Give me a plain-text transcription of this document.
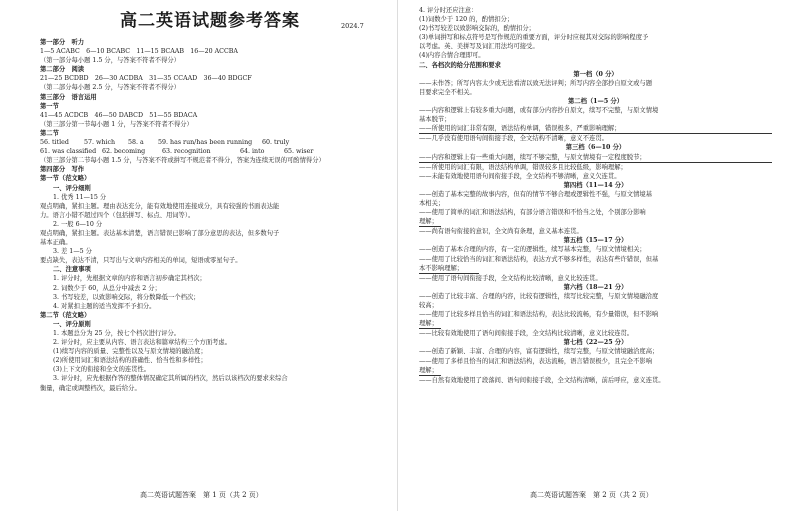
高二英语试题参考答案	2024.7
第一部分　听力
1—5 ACABC　6—10 BCABC　11—15 BCAAB　16—20 ACCBA
（第一部分每小题 1.5 分，与答案不符者不得分）
第二部分　阅读
21—25 BCDBD　26—30 ACDBA　31—35 CCAAD　36—40 BDGCF
（第二部分每小题 2.5 分，与答案不符者不得分）
第三部分　语言运用
第一节
41—45 ACDCB　46—50 DABCD　51—55 BDACA
（第三部分第一节每小题 1 分，与答案不符者不得分）
第二节
56. titled	57. which	58. a	59. has run/has been running	60. truly
61. was classified 62. becoming	63. recognition	64. into	65. wiser
（第三部分第二节每小题 1.5 分，与答案不符或拼写不规范者不得分，答案为连续无误的可酌情得分）
第四部分　写作
第一节（范文略）
一、评分细则
1. 优秀 11—15 分
观点明确，紧扣主题。理由表达充分，能有效地使用连接成分，具有较强的书面表达能
力。语言小错不超过四个（包括拼写、标点、用词等）。
2. 一般 6—10 分
观点明确，紧扣主题。表达基本清楚，语言错误已影响了部分意思的表达，但多数句子
基本正确。
3. 差 1—5 分
要点缺失，表达不清，只写出与文章内容相关的单词，短语或零星句子。
二、注意事项
1. 评分时，先根据文章的内容和语言初步确定其档次；
2. 词数少于 60，从总分中减去 2 分；
3. 书写较差，以致影响交际，将分数降低一个档次；
4. 对紧扣主题的适当发挥不予扣分。
第二节（范文略）
一、评分原则
1. 本题总分为 25 分，按七个档次进行评分。
2. 评分时，应主要从内容、语言表达和篇章结构三个方面考虑。
(1)续写内容的质量、完整性以及与原文情境的融洽度；
(2)所使用词汇和语法结构的准确性、恰当性和多样性；
(3)上下文的衔接和全文的连贯性。
3. 评分时，应先根据作答的整体情况确定其所属的档次，然后以该档次的要求来综合
衡量，确定或调整档次，最后给分。
4. 评分时还应注意：
(1)词数少于 120 的，酌情扣分；
(2)书写较差以致影响交际的，酌情扣分；
(3)单词拼写和标点符号是写作规范的重要方面，评分时应视其对交际的影响程度予
以考虑。英、美拼写及词汇用法均可接受。
(4)内容合情合理即可。
二、各档次的给分范围和要求
第一档（0 分）
——未作答；所写内容太少或无法看清以致无法评判；所写内容全部抄自原文或与题
目要求完全不相关。
第二档（1—5 分）
——内容和逻辑上有较多重大问题，或有部分内容抄自原文，续写不完整，与原文情境
基本脱节；
——所使用的词汇非常有限，语法结构单调，错误极多，严重影响理解；
——几乎没有使用语句间衔接手段，全文结构不清晰，意义不连贯。
第三档（6—10 分）
——内容和逻辑上有一些重大问题，续写不够完整，与原文情境有一定程度脱节；
——所使用的词汇有限，语法结构单调，错误较多且比较低级，影响理解；
——未能有效地使用语句间衔接手段，全文结构不够清晰，意义欠连贯。
第四档（11—14 分）
——创造了基本完整的故事内容，但有的情节不够合理或逻辑性不强，与原文情境基
本相关；
——使用了简单的词汇和语法结构，有部分语言错误和不恰当之处，个别部分影响
理解；
——尚有语句衔接的意识，全文尚有条理，意义基本连贯。
第五档（15—17 分）
——创造了基本合理的内容，有一定的逻辑性，续写基本完整，与原文情境相关；
——使用了比较恰当的词汇和语法结构，表达方式不够多样性，表达有些许错误，但基
本不影响理解；
——使用了语句间衔接手段，全文结构比较清晰，意义比较连贯。
第六档（18—21 分）
——创造了比较丰富、合理的内容，比较有逻辑性，续写比较完整，与原文情境融洽度
较高；
——使用了比较多样且恰当的词汇和语法结构，表达比较流畅，有少量错误，但不影响
理解；
——比较有效地使用了语句间衔接手段，全文结构比较清晰，意义比较连贯。
第七档（22—25 分）
——创造了新颖、丰富、合理的内容，富有逻辑性，续写完整，与原文情境融洽度高；
——使用了多样且恰当的词汇和语法结构，表达流畅，语言错误极少，且完全不影响
理解；
——自然有效地使用了段落间、语句间衔接手段，全文结构清晰，前后呼应，意义连贯。
高二英语试题答案　第 1 页（共 2 页）	高二英语试题答案　第 2 页（共 2 页）
